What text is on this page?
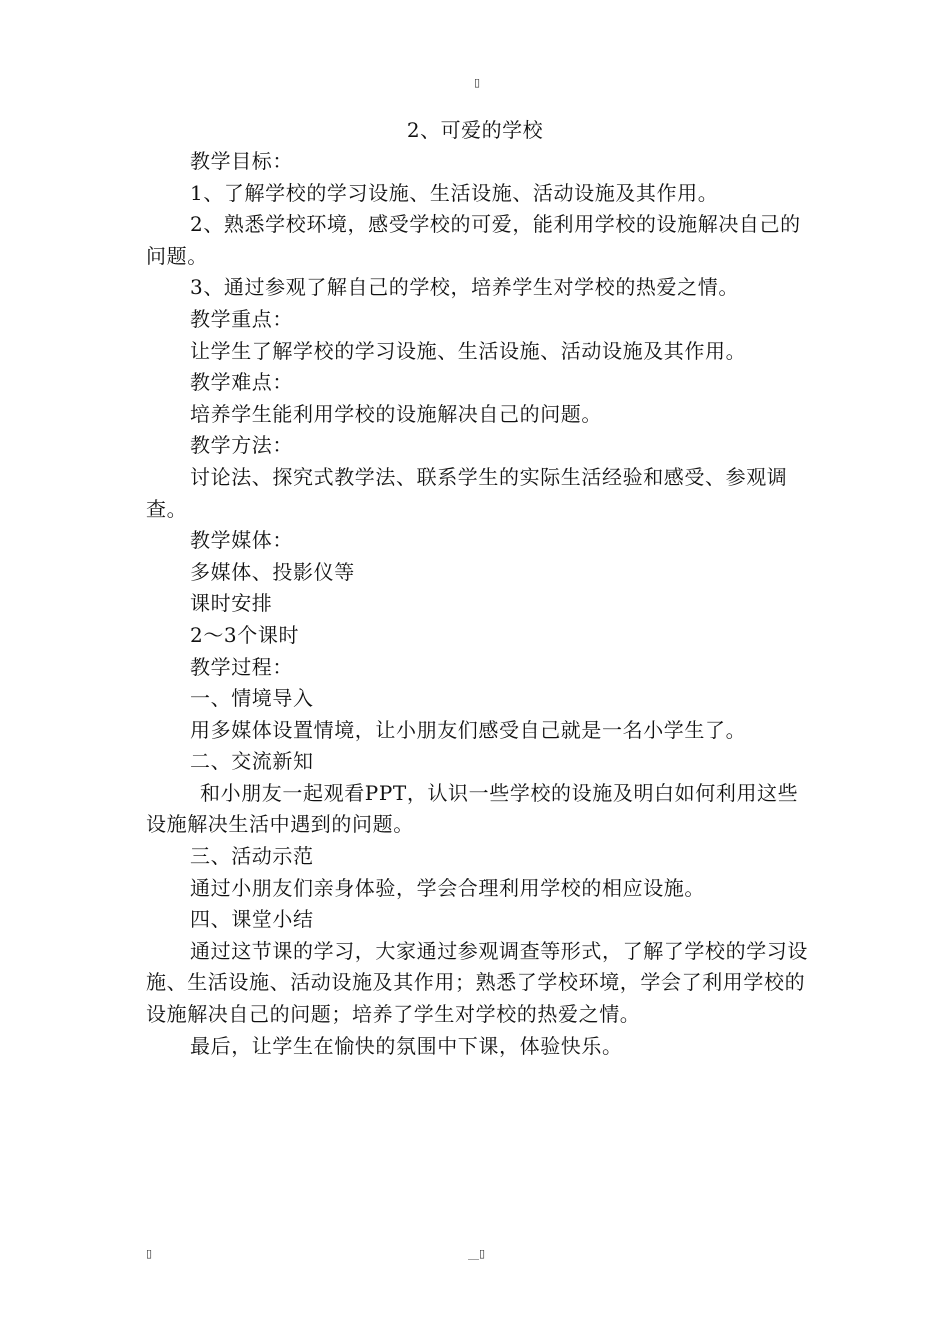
▯
2、可爱的学校

教学目标：

1、了解学校的学习设施、生活设施、活动设施及其作用。

2、熟悉学校环境，感受学校的可爱，能利用学校的设施解决自己的问题。

3、通过参观了解自己的学校，培养学生对学校的热爱之情。

教学重点：

让学生了解学校的学习设施、生活设施、活动设施及其作用。

教学难点：

培养学生能利用学校的设施解决自己的问题。

教学方法：

讨论法、探究式教学法、联系学生的实际生活经验和感受、参观调查。

教学媒体：

多媒体、投影仪等

课时安排

2～3个课时

教学过程：

一、情境导入

用多媒体设置情境，让小朋友们感受自己就是一名小学生了。

二、交流新知

和小朋友一起观看PPT，认识一些学校的设施及明白如何利用这些设施解决生活中遇到的问题。

三、活动示范

通过小朋友们亲身体验，学会合理利用学校的相应设施。

四、课堂小结

通过这节课的学习，大家通过参观调查等形式，了解了学校的学习设施、生活设施、活动设施及其作用；熟悉了学校环境，学会了利用学校的设施解决自己的问题；培养了学生对学校的热爱之情。

最后，让学生在愉快的氛围中下课，体验快乐。

▯	__▯
